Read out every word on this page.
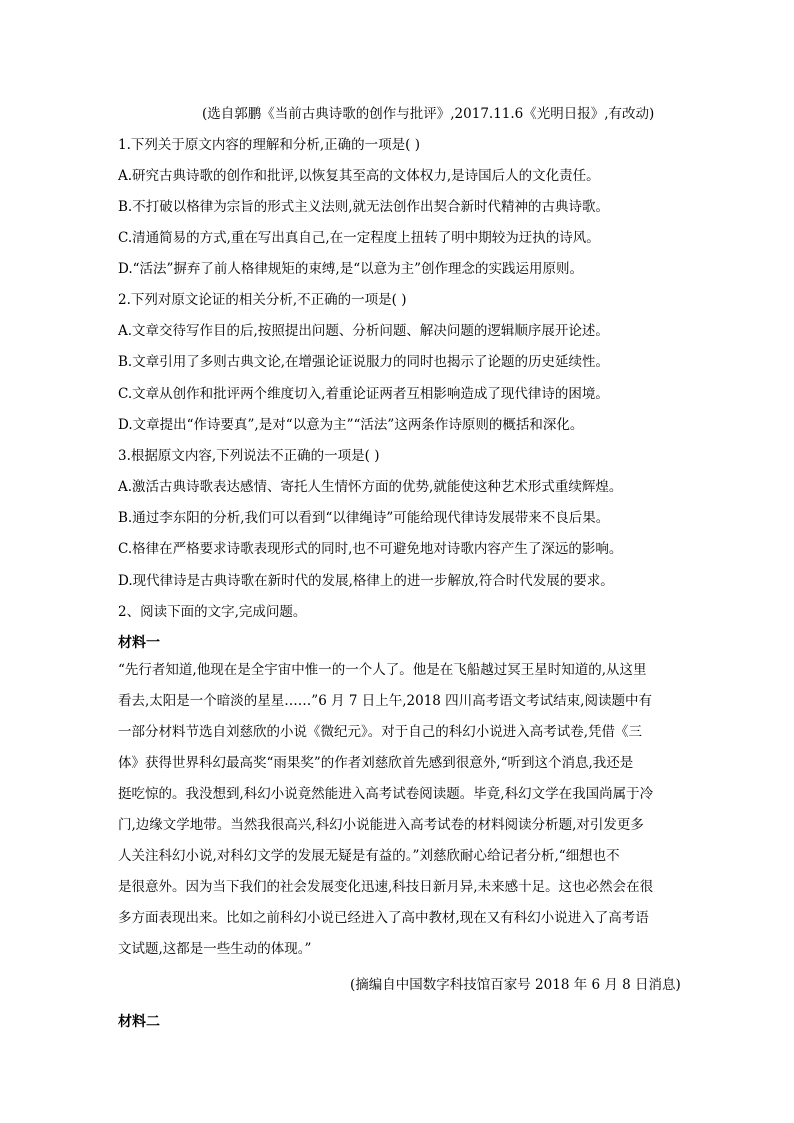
(选自郭鹏《当前古典诗歌的创作与批评》,2017.11.6《光明日报》,有改动)
1.下列关于原文内容的理解和分析,正确的一项是( )
A.研究古典诗歌的创作和批评,以恢复其至高的文体权力,是诗国后人的文化责任。
B.不打破以格律为宗旨的形式主义法则,就无法创作出契合新时代精神的古典诗歌。
C.清通简易的方式,重在写出真自己,在一定程度上扭转了明中期较为迂执的诗风。
D.“活法”摒弃了前人格律规矩的束缚,是“以意为主”创作理念的实践运用原则。
2.下列对原文论证的相关分析,不正确的一项是( )
A.文章交待写作目的后,按照提出问题、分析问题、解决问题的逻辑顺序展开论述。
B.文章引用了多则古典文论,在增强论证说服力的同时也揭示了论题的历史延续性。
C.文章从创作和批评两个维度切入,着重论证两者互相影响造成了现代律诗的困境。
D.文章提出“作诗要真”,是对“以意为主”“活法”这两条作诗原则的概括和深化。
3.根据原文内容,下列说法不正确的一项是( )
A.激活古典诗歌表达感情、寄托人生情怀方面的优势,就能使这种艺术形式重续辉煌。
B.通过李东阳的分析,我们可以看到“以律绳诗”可能给现代律诗发展带来不良后果。
C.格律在严格要求诗歌表现形式的同时,也不可避免地对诗歌内容产生了深远的影响。
D.现代律诗是古典诗歌在新时代的发展,格律上的进一步解放,符合时代发展的要求。
2、阅读下面的文字,完成问题。
材料一
“先行者知道,他现在是全宇宙中惟一的一个人了。他是在飞船越过冥王星时知道的,从这里
看去,太阳是一个暗淡的星星……”6 月 7 日上午,2018 四川高考语文考试结束,阅读题中有
一部分材料节选自刘慈欣的小说《微纪元》。对于自己的科幻小说进入高考试卷,凭借《三
体》获得世界科幻最高奖“雨果奖”的作者刘慈欣首先感到很意外,“听到这个消息,我还是
挺吃惊的。我没想到,科幻小说竟然能进入高考试卷阅读题。毕竟,科幻文学在我国尚属于冷
门,边缘文学地带。当然我很高兴,科幻小说能进入高考试卷的材料阅读分析题,对引发更多
人关注科幻小说,对科幻文学的发展无疑是有益的。”刘慈欣耐心给记者分析,“细想也不
是很意外。因为当下我们的社会发展变化迅速,科技日新月异,未来感十足。这也必然会在很
多方面表现出来。比如之前科幻小说已经进入了高中教材,现在又有科幻小说进入了高考语
文试题,这都是一些生动的体现。”
(摘编自中国数字科技馆百家号 2018 年 6 月 8 日消息)
材料二
